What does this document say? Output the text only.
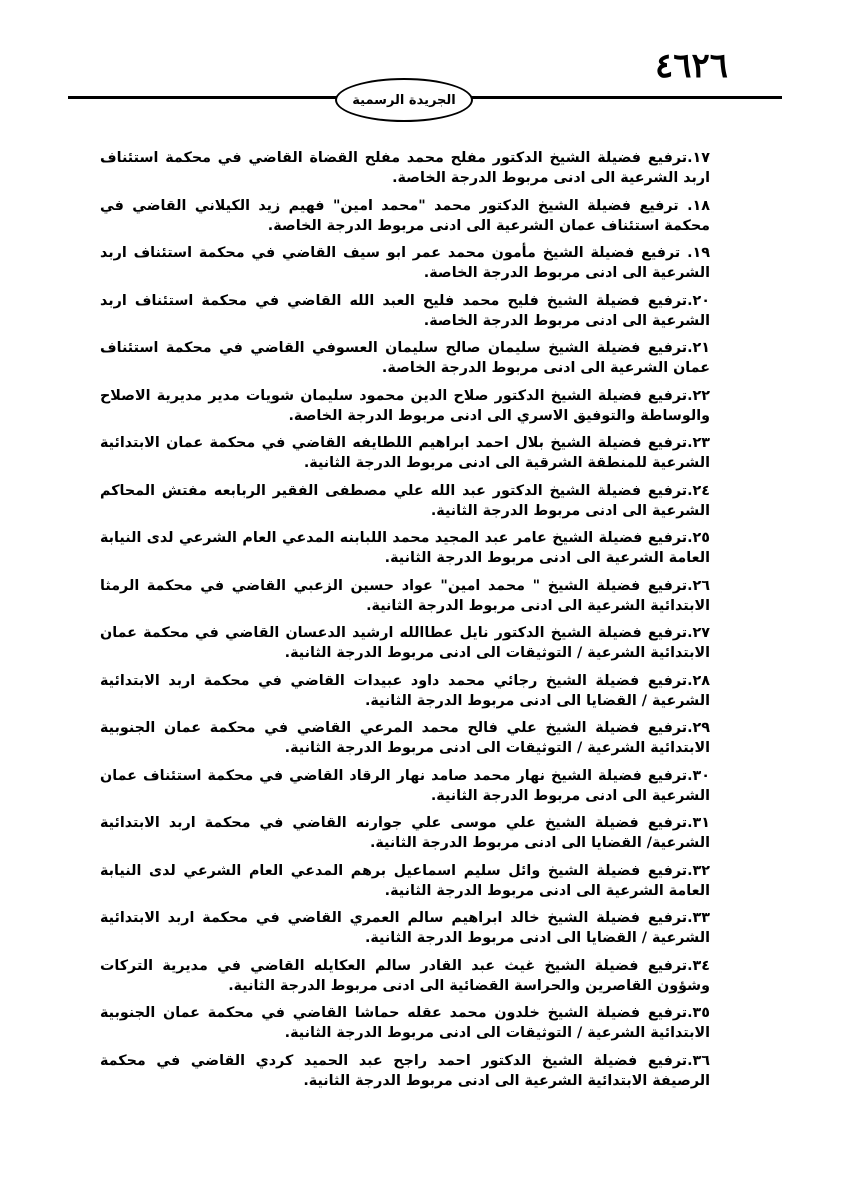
٤٦٢٦
الجريدة الرسمية

١٧.ترفيع فضيلة الشيخ الدكتور مفلح محمد مفلح القضاة القاضي في محكمة استئناف اربد الشرعية الى ادنى مربوط الدرجة الخاصة.

١٨. ترفيع فضيلة الشيخ الدكتور محمد "محمد امين" فهيم زيد الكيلاني القاضي في محكمة استئناف عمان الشرعية الى ادنى مربوط الدرجة الخاصة.

١٩. ترفيع فضيلة الشيخ مأمون محمد عمر ابو سيف القاضي في محكمة استئناف اربد الشرعية الى ادنى مربوط الدرجة الخاصة.

٢٠.ترفيع فضيلة الشيخ فليح محمد فليح العبد الله القاضي في محكمة استئناف اربد الشرعية الى ادنى مربوط الدرجة الخاصة.

٢١.ترفيع فضيلة الشيخ سليمان صالح سليمان العسوفي القاضي في محكمة استئناف عمان الشرعية الى ادنى مربوط الدرجة الخاصة.

٢٢.ترفيع فضيلة الشيخ الدكتور صلاح الدين محمود سليمان شويات مدير مديرية الاصلاح والوساطة والتوفيق الاسري الى ادنى مربوط الدرجة الخاصة.

٢٣.ترفيع فضيلة الشيخ بلال احمد ابراهيم اللطايفه القاضي في محكمة عمان الابتدائية الشرعية للمنطقة الشرقية الى ادنى مربوط الدرجة الثانية.

٢٤.ترفيع فضيلة الشيخ الدكتور عبد الله علي مصطفى الفقير الربابعه مفتش المحاكم الشرعية الى ادنى مربوط الدرجة الثانية.

٢٥.ترفيع فضيلة الشيخ عامر عبد المجيد محمد اللبابنه المدعي العام الشرعي لدى النيابة العامة الشرعية الى ادنى مربوط الدرجة الثانية.

٢٦.ترفيع فضيلة الشيخ " محمد امين" عواد حسين الزعبي القاضي في محكمة الرمثا الابتدائية الشرعية الى ادنى مربوط الدرجة الثانية.

٢٧.ترفيع فضيلة الشيخ الدكتور نايل عطاالله ارشيد الدعسان القاضي في محكمة عمان الابتدائية الشرعية / التوثيقات الى ادنى مربوط الدرجة الثانية.

٢٨.ترفيع فضيلة الشيخ رجائي محمد داود عبيدات القاضي في محكمة اربد الابتدائية الشرعية / القضايا الى ادنى مربوط الدرجة الثانية.

٢٩.ترفيع فضيلة الشيخ علي فالح محمد المرعي القاضي في محكمة عمان الجنوبية الابتدائية الشرعية / التوثيقات الى ادنى مربوط الدرجة الثانية.

٣٠.ترفيع فضيلة الشيخ نهار محمد صامد نهار الرقاد القاضي في محكمة استئناف عمان الشرعية الى ادنى مربوط الدرجة الثانية.

٣١.ترفيع فضيلة الشيخ علي موسى علي جوارنه القاضي في محكمة اربد الابتدائية الشرعية/ القضايا الى ادنى مربوط الدرجة الثانية.

٣٢.ترفيع فضيلة الشيخ وائل سليم اسماعيل برهم المدعي العام الشرعي لدى النيابة العامة الشرعية الى ادنى مربوط الدرجة الثانية.

٣٣.ترفيع فضيلة الشيخ خالد ابراهيم سالم العمري القاضي في محكمة اربد الابتدائية الشرعية / القضايا الى ادنى مربوط الدرجة الثانية.

٣٤.ترفيع فضيلة الشيخ غيث عبد القادر سالم العكايله القاضي في مديرية التركات وشؤون القاصرين والحراسة القضائية الى ادنى مربوط الدرجة الثانية.

٣٥.ترفيع فضيلة الشيخ خلدون محمد عقله حماشا القاضي في محكمة عمان الجنوبية الابتدائية الشرعية / التوثيقات الى ادنى مربوط الدرجة الثانية.

٣٦.ترفيع فضيلة الشيخ الدكتور احمد راجح عبد الحميد كردي القاضي في محكمة الرصيفة الابتدائية الشرعية الى ادنى مربوط الدرجة الثانية.
